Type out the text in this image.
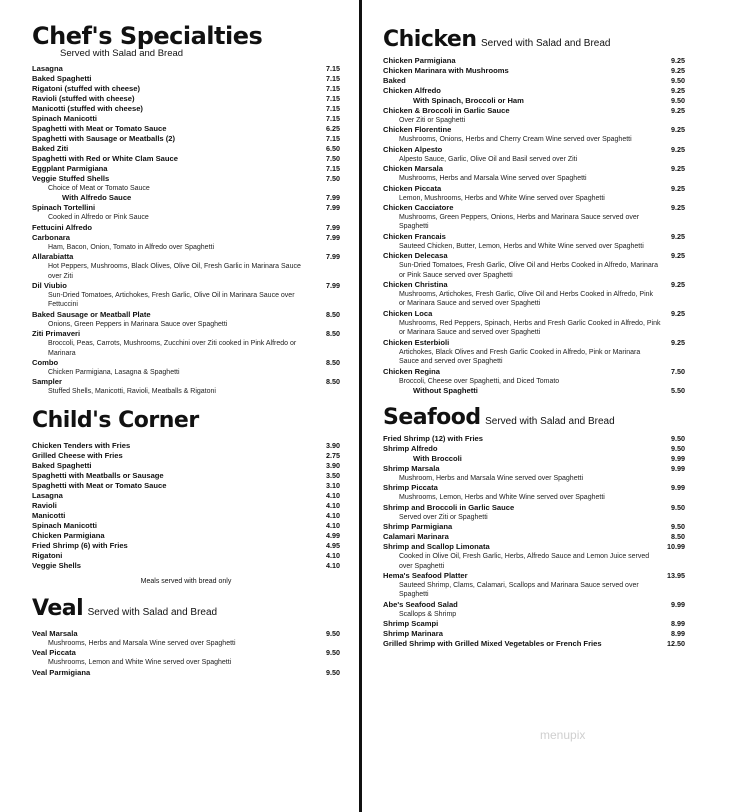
Chef's Specialties
Served with Salad and Bread
Lasagna	7.15
Baked Spaghetti	7.15
Rigatoni (stuffed with cheese)	7.15
Ravioli (stuffed with cheese)	7.15
Manicotti (stuffed with cheese)	7.15
Spinach Manicotti	7.15
Spaghetti with Meat or Tomato Sauce	6.25
Spaghetti with Sausage or Meatballs (2)	7.15
Baked Ziti	6.50
Spaghetti with Red or White Clam Sauce	7.50
Eggplant Parmigiana	7.15
Veggie Stuffed Shells	7.50
Choice of Meat or Tomato Sauce
With Alfredo Sauce	7.99
Spinach Tortellini	7.99
Cooked in Alfredo or Pink Sauce
Fettucini Alfredo	7.99
Carbonara	7.99
Ham, Bacon, Onion, Tomato in Alfredo over Spaghetti
Allarabiatta	7.99
Hot Peppers, Mushrooms, Black Olives, Olive Oil, Fresh Garlic in Marinara Sauce over Ziti
Dil Viubio	7.99
Sun-Dried Tomatoes, Artichokes, Fresh Garlic, Olive Oil in Marinara Sauce over Fettuccini
Baked Sausage or Meatball Plate	8.50
Onions, Green Peppers in Marinara Sauce over Spaghetti
Ziti Primaveri	8.50
Broccoli, Peas, Carrots, Mushrooms, Zucchini over Ziti cooked in Pink Alfredo or Marinara
Combo	8.50
Chicken Parmigiana, Lasagna & Spaghetti
Sampler	8.50
Stuffed Shells, Manicotti, Ravioli, Meatballs & Rigatoni
Child's Corner
Chicken Tenders with Fries	3.90
Grilled Cheese with Fries	2.75
Baked Spaghetti	3.90
Spaghetti with Meatballs or Sausage	3.50
Spaghetti with Meat or Tomato Sauce	3.10
Lasagna	4.10
Ravioli	4.10
Manicotti	4.10
Spinach Manicotti	4.10
Chicken Parmigiana	4.99
Fried Shrimp (6) with Fries	4.95
Rigatoni	4.10
Veggie Shells	4.10
Meals served with bread only
Veal Served with Salad and Bread
Veal Marsala	9.50
Mushrooms, Herbs and Marsala Wine served over Spaghetti
Veal Piccata	9.50
Mushrooms, Lemon and White Wine served over Spaghetti
Veal Parmigiana	9.50
Chicken Served with Salad and Bread
Chicken Parmigiana	9.25
Chicken Marinara with Mushrooms	9.25
Baked	9.50
Chicken Alfredo	9.25
With Spinach, Broccoli or Ham	9.50
Chicken & Broccoli in Garlic Sauce	9.25
Over Ziti or Spaghetti
Chicken Florentine	9.25
Mushrooms, Onions, Herbs and Cherry Cream Wine served over Spaghetti
Chicken Alpesto	9.25
Alpesto Sauce, Garlic, Olive Oil and Basil served over Ziti
Chicken Marsala	9.25
Mushrooms, Herbs and Marsala Wine served over Spaghetti
Chicken Piccata	9.25
Lemon, Mushrooms, Herbs and White Wine served over Spaghetti
Chicken Cacciatore	9.25
Mushrooms, Green Peppers, Onions, Herbs and Marinara Sauce served over Spaghetti
Chicken Francais	9.25
Sauteed Chicken, Butter, Lemon, Herbs and White Wine served over Spaghetti
Chicken Delecasa	9.25
Sun-Dried Tomatoes, Fresh Garlic, Olive Oil and Herbs Cooked in Alfredo, Marinara or Pink Sauce served over Spaghetti
Chicken Christina	9.25
Mushrooms, Artichokes, Fresh Garlic, Olive Oil and Herbs Cooked in Alfredo, Pink or Marinara Sauce and served over Spaghetti
Chicken Loca	9.25
Mushrooms, Red Peppers, Spinach, Herbs and Fresh Garlic Cooked in Alfredo, Pink or Marinara Sauce and served over Spaghetti
Chicken Esterbioli	9.25
Artichokes, Black Olives and Fresh Garlic Cooked in Alfredo, Pink or Marinara Sauce and served over Spaghetti
Chicken Regina	7.50
Broccoli, Cheese over Spaghetti, and Diced Tomato
Without Spaghetti	5.50
Seafood Served with Salad and Bread
Fried Shrimp (12) with Fries	9.50
Shrimp Alfredo	9.50
With Broccoli	9.99
Shrimp Marsala	9.99
Mushroom, Herbs and Marsala Wine served over Spaghetti
Shrimp Piccata	9.99
Mushrooms, Lemon, Herbs and White Wine served over Spaghetti
Shrimp and Broccoli in Garlic Sauce	9.50
Served over Ziti or Spaghetti
Shrimp Parmigiana	9.50
Calamari Marinara	8.50
Shrimp and Scallop Limonata	10.99
Cooked in Olive Oil, Fresh Garlic, Herbs, Alfredo Sauce and Lemon Juice served over Spaghetti
Hema's Seafood Platter	13.95
Sauteed Shrimp, Clams, Calamari, Scallops and Marinara Sauce served over Spaghetti
Abe's Seafood Salad	9.99
Scallops & Shrimp
Shrimp Scampi	8.99
Shrimp Marinara	8.99
Grilled Shrimp with Grilled Mixed Vegetables or French Fries	12.50
menupix
